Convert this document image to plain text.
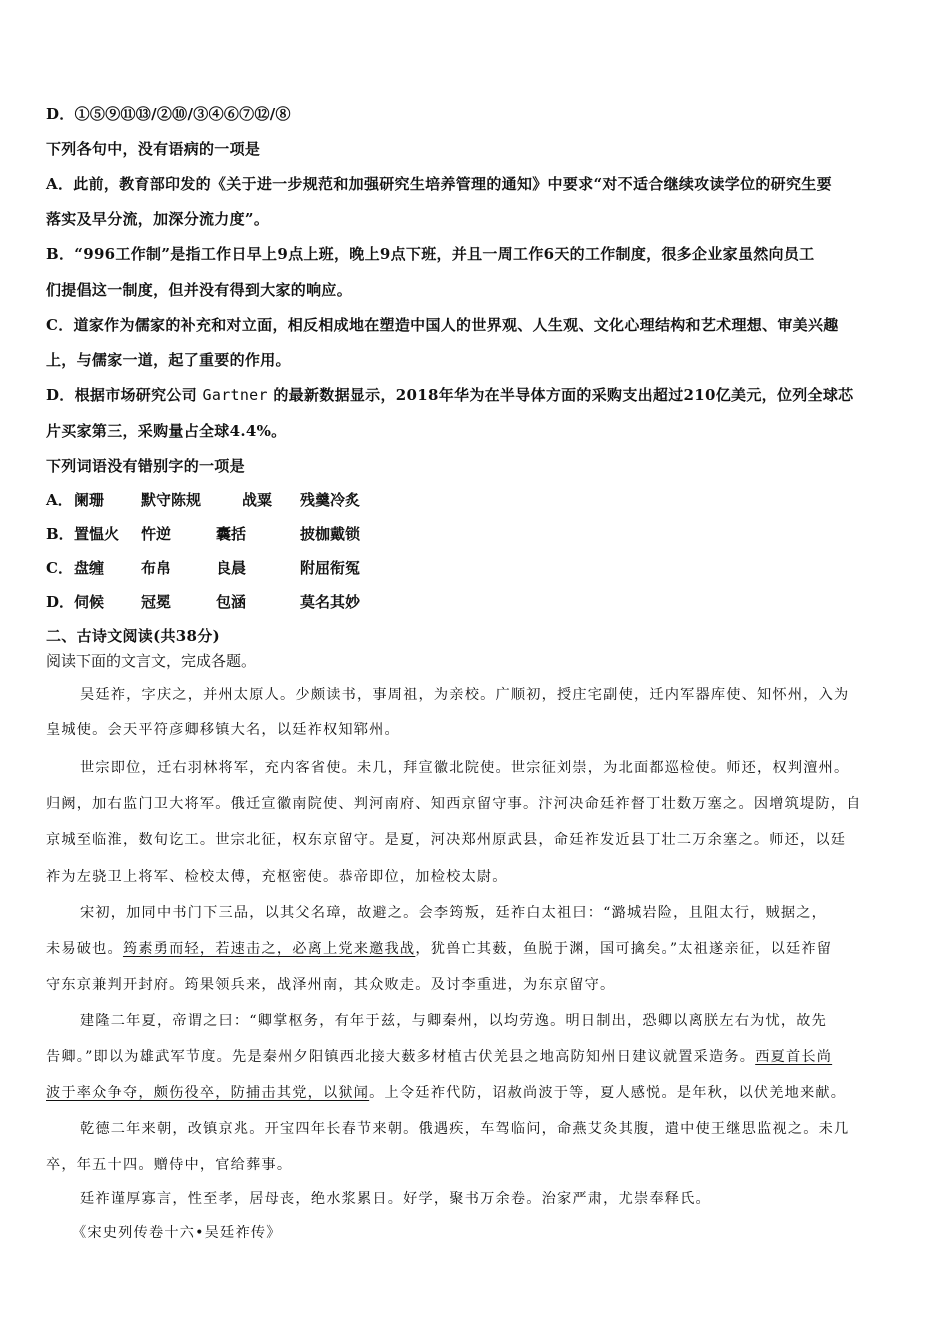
D．①⑤⑨⑪⑬/②⑩/③④⑥⑦⑫/⑧
下列各句中，没有语病的一项是
A．此前，教育部印发的《关于进一步规范和加强研究生培养管理的通知》中要求“对不适合继续攻读学位的研究生要
落实及早分流，加深分流力度”。
B．“996工作制”是指工作日早上9点上班，晚上9点下班，并且一周工作6天的工作制度，很多企业家虽然向员工
们提倡这一制度，但并没有得到大家的响应。
C．道家作为儒家的补充和对立面，相反相成地在塑造中国人的世界观、人生观、文化心理结构和艺术理想、审美兴趣
上，与儒家一道，起了重要的作用。
D．根据市场研究公司 Gartner 的最新数据显示，2018年华为在半导体方面的采购支出超过210亿美元，位列全球芯
片买家第三，采购量占全球4.4%。
下列词语没有错别字的一项是
A． 阑珊 默守陈规	战粟 残羹冷炙
B． 置愠火 忤逆	囊括	披枷戴锁
C． 盘缠 布帛	良晨	附屈衔冤
D． 伺候 冠冕	包涵	莫名其妙
二、古诗文阅读(共38分)
阅读下面的文言文，完成各题。
吴廷祚，字庆之，并州太原人。少颇读书，事周祖，为亲校。广顺初，授庄宅副使，迁内军器库使、知怀州，入为
皇城使。会天平符彦卿移镇大名，以廷祚权知郓州。
世宗即位，迁右羽林将军，充内客省使。未几，拜宣徽北院使。世宗征刘崇，为北面都巡检使。师还，权判澶州。
归阙，加右监门卫大将军。俄迁宣徽南院使、判河南府、知西京留守事。汴河决命廷祚督丁壮数万塞之。因增筑堤防，自
京城至临淮，数旬讫工。世宗北征，权东京留守。是夏，河决郑州原武县，命廷祚发近县丁壮二万余塞之。师还，以廷
祚为左骁卫上将军、检校太傅，充枢密使。恭帝即位，加检校太尉。
宋初，加同中书门下三品，以其父名璋，故避之。会李筠叛，廷祚白太祖曰：“潞城岩险，且阻太行，贼据之，
未易破也。筠素勇而轻，若速击之，必离上党来邀我战，犹兽亡其薮，鱼脱于渊，国可擒矣。”太祖遂亲征，以廷祚留
守东京兼判开封府。筠果领兵来，战泽州南，其众败走。及讨李重进，为东京留守。
建隆二年夏，帝谓之曰：“卿掌枢务，有年于兹，与卿秦州，以均劳逸。明日制出，恐卿以离朕左右为忧，故先
告卿。”即以为雄武军节度。先是秦州夕阳镇西北接大薮多材植古伏羌县之地高防知州日建议就置采造务。西夏首长尚
波于率众争夺，颇伤役卒，防捕击其党，以狱闻。上令廷祚代防，诏赦尚波于等，夏人感悦。是年秋，以伏羌地来献。
乾德二年来朝，改镇京兆。开宝四年长春节来朝。俄遇疾，车驾临问，命燕艾灸其腹，遣中使王继思监视之。未几
卒，年五十四。赠侍中，官给葬事。
廷祚谨厚寡言，性至孝，居母丧，绝水浆累日。好学，聚书万余卷。治家严肃，尤崇奉释氏。
《宋史列传卷十六•吴廷祚传》
